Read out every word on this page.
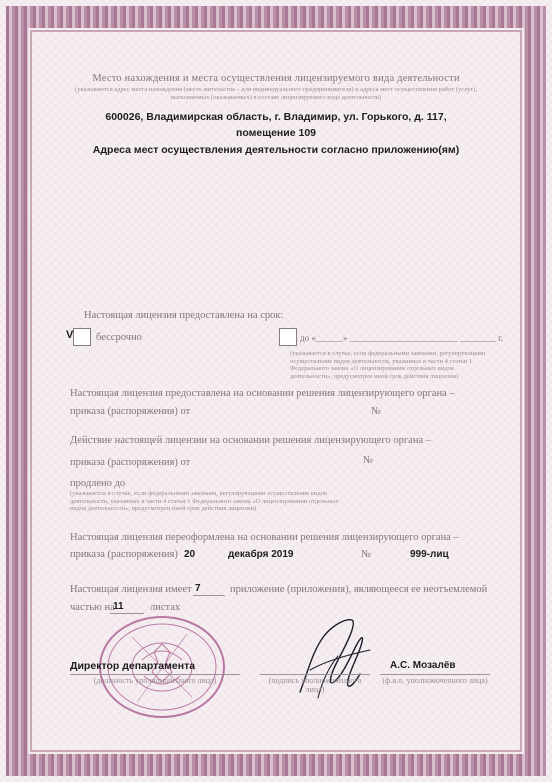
Место нахождения и места осуществления лицензируемого вида деятельности
(указываются адрес места нахождения (место жительства – для индивидуального предпринимателя) и адреса мест осуществления работ (услуг), выполняемых (оказываемых) в составе лицензируемого вида деятельности)
600026, Владимирская область, г. Владимир, ул. Горького, д. 117,
помещение 109
Адреса мест осуществления деятельности согласно приложению(ям)
Настоящая лицензия предоставлена на срок:
V бессрочно	до «______» ________________________ ________ г.
(указывается в случае, если федеральными законами, регулирующими осуществление видов деятельности, указанных в части 4 статьи 1 Федерального закона «О лицензировании отдельных видов деятельности», предусмотрен иной срок действия лицензии)
Настоящая лицензия предоставлена на основании решения лицензирующего органа –
приказа (распоряжения) от	№
Действие настоящей лицензии на основании решения лицензирующего органа –
приказа (распоряжения) от	№
продлено до
(указывается в случае, если федеральными законами, регулирующими осуществление видов деятельности, указанных в части 4 статьи 1 Федерального закона «О лицензировании отдельных видов деятельности», предусмотрен иной срок действия лицензии)
Настоящая лицензия переоформлена на основании решения лицензирующего органа –
приказа (распоряжения) 20	декабря 2019	№	999-лиц
Настоящая лицензия имеет 7	приложение (приложения), являющееся ее неотъемлемой
частью на
11	листах
Директор департамента
(должность уполномоченного лица)	(подпись уполномоченного лица)
А.С. Мозалёв
(ф.и.о. уполномоченного лица)
